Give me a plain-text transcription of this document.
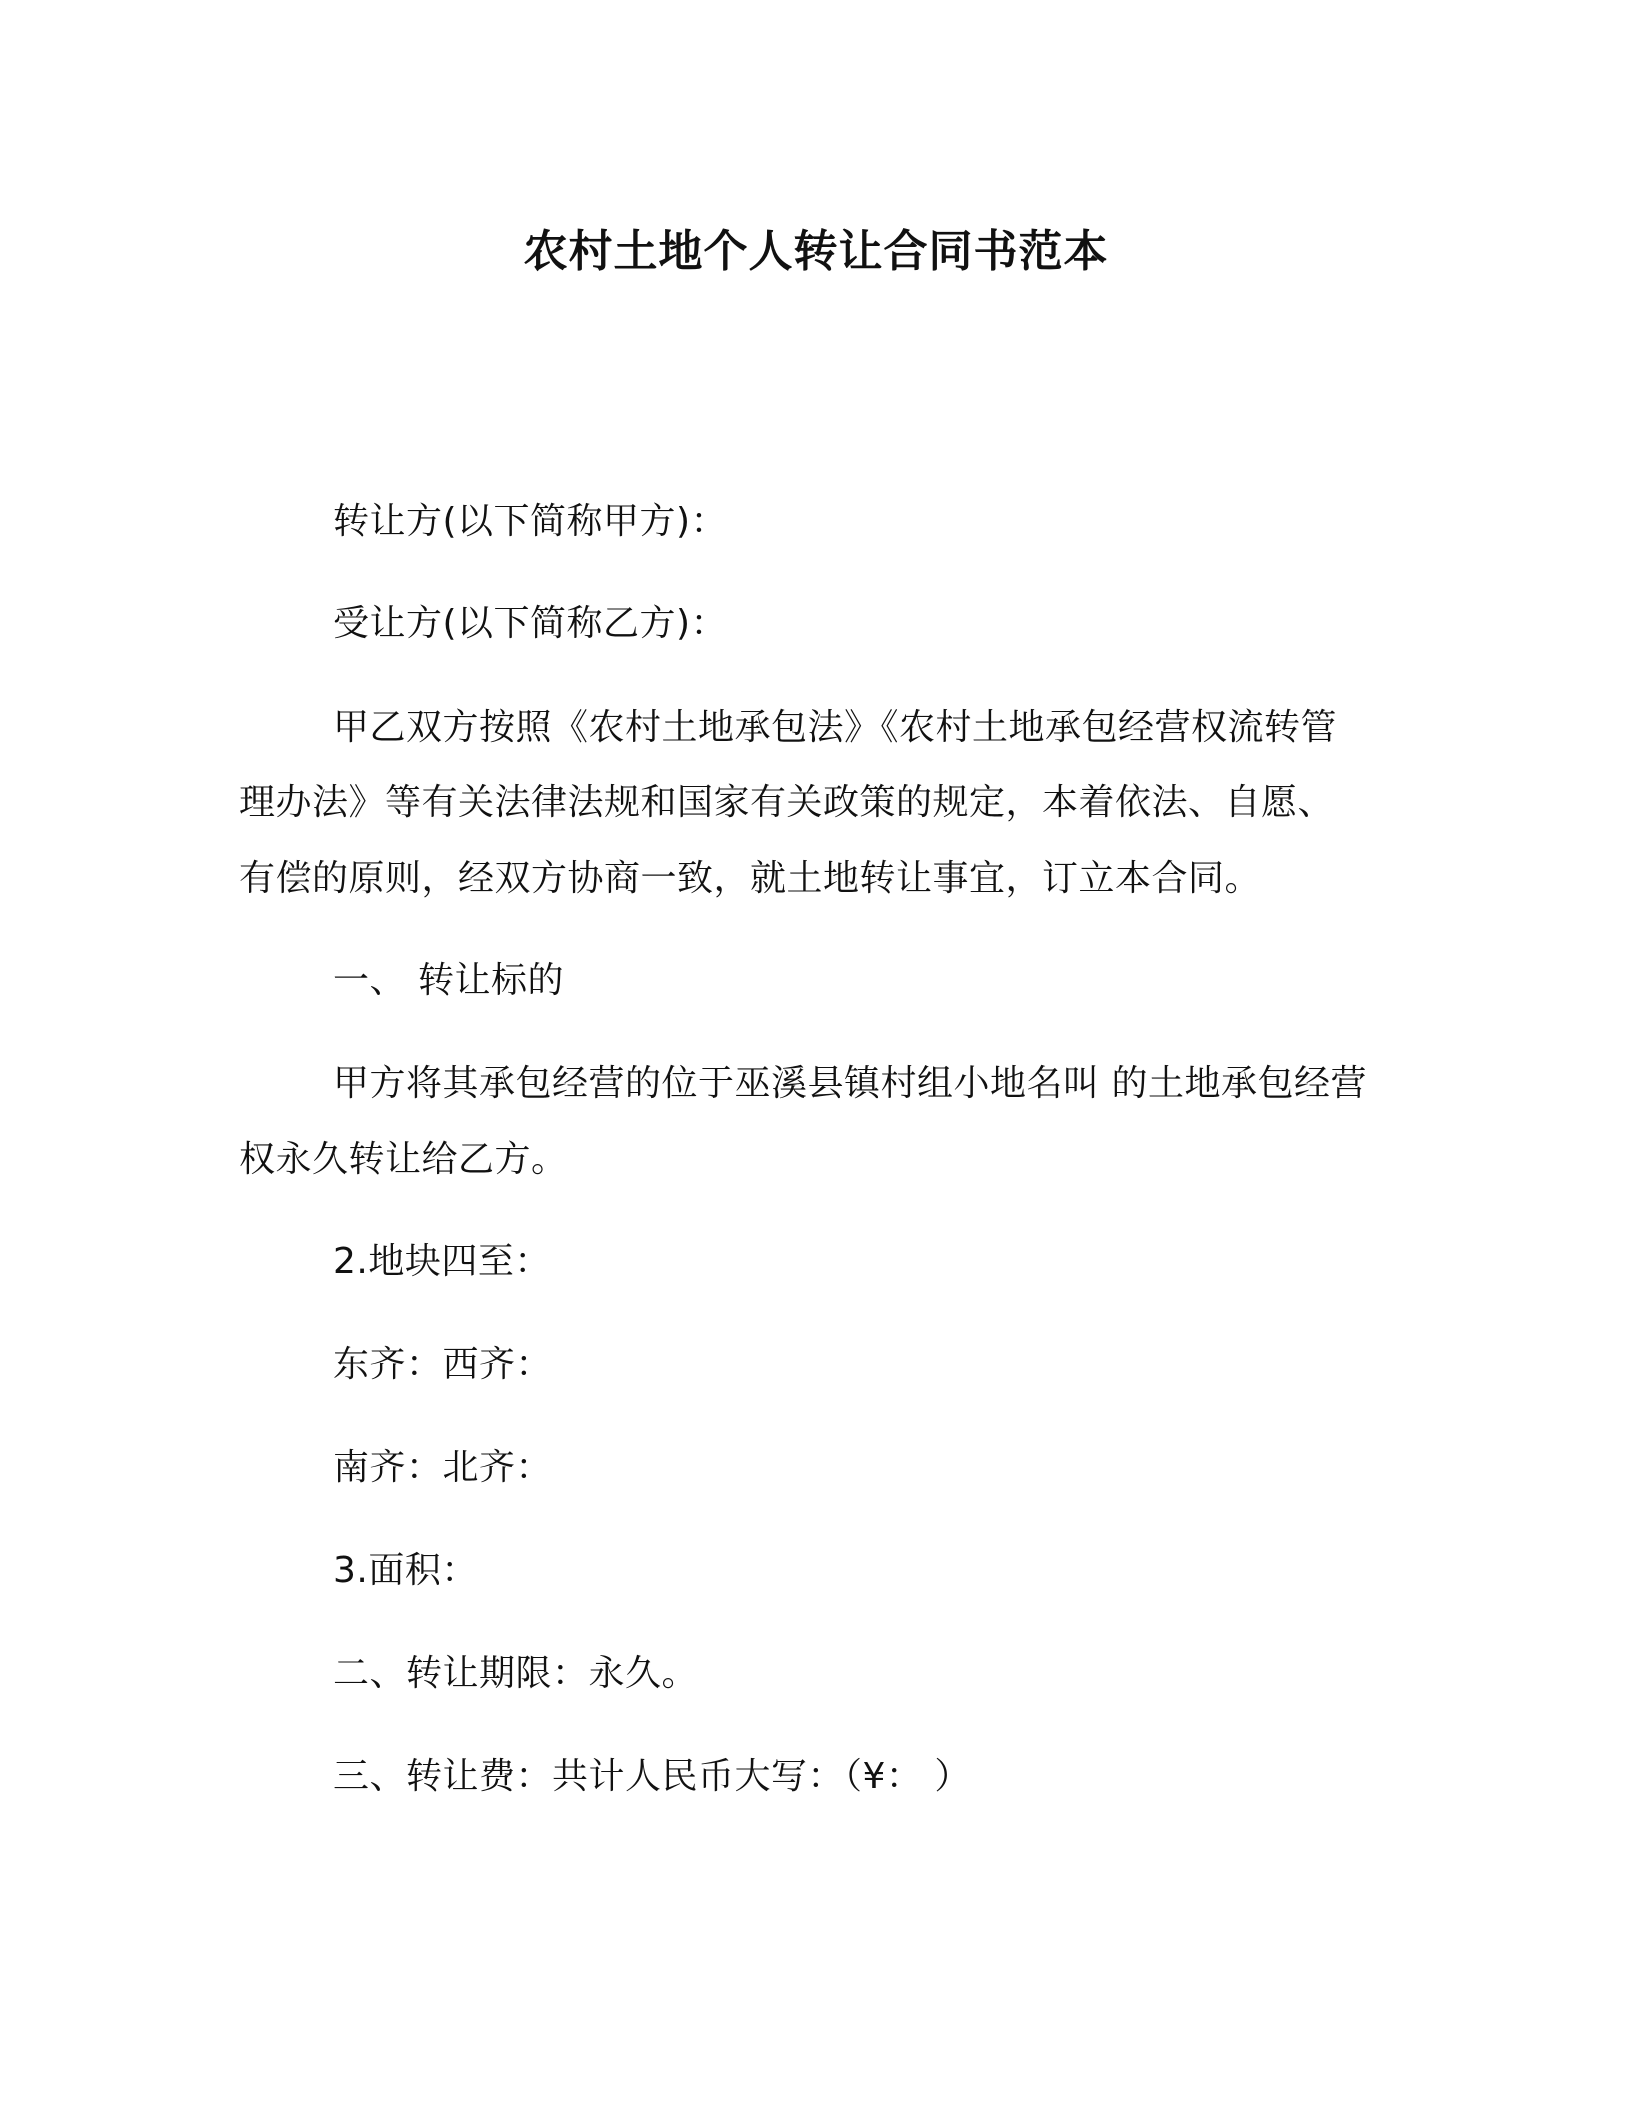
农村土地个人转让合同书范本
转让方(以下简称甲方)：
受让方(以下简称乙方)：
甲乙双方按照《农村土地承包法》《农村土地承包经营权流转管
理办法》等有关法律法规和国家有关政策的规定，本着依法、自愿、
有偿的原则，经双方协商一致，就土地转让事宜，订立本合同。
一、 转让标的
甲方将其承包经营的位于巫溪县镇村组小地名叫 的土地承包经营
权永久转让给乙方。
2.地块四至：
东齐：西齐：
南齐：北齐：
3.面积：
二、转让期限：永久。
三、转让费：共计人民币大写：（¥： ）
